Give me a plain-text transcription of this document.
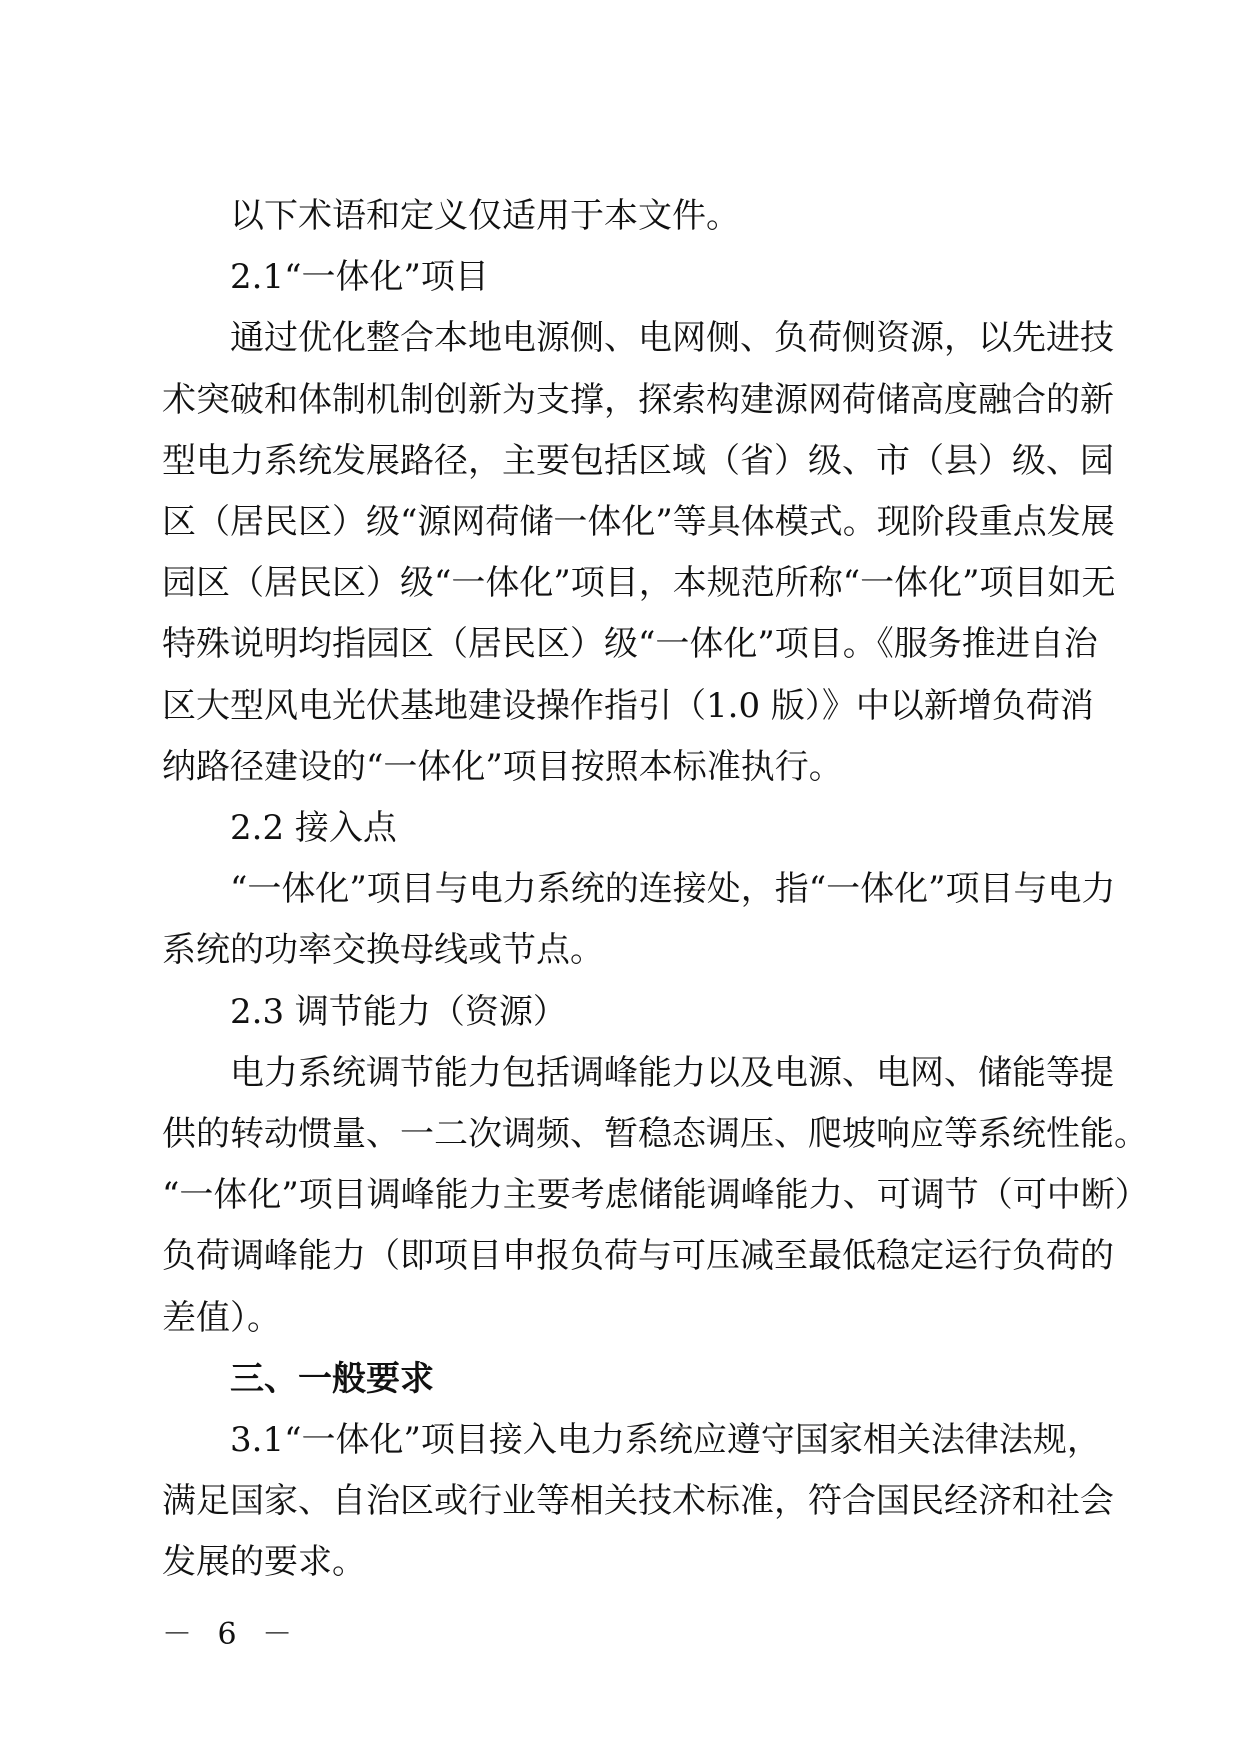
以下术语和定义仅适用于本文件。

2.1“一体化”项目

通过优化整合本地电源侧、电网侧、负荷侧资源，以先进技

术突破和体制机制创新为支撑，探索构建源网荷储高度融合的新

型电力系统发展路径，主要包括区域（省）级、市（县）级、园

区（居民区）级“源网荷储一体化”等具体模式。现阶段重点发展

园区（居民区）级“一体化”项目，本规范所称“一体化”项目如无

特殊说明均指园区（居民区）级“一体化”项目。《服务推进自治

区大型风电光伏基地建设操作指引（1.0 版）》中以新增负荷消

纳路径建设的“一体化”项目按照本标准执行。

2.2 接入点

“一体化”项目与电力系统的连接处，指“一体化”项目与电力

系统的功率交换母线或节点。

2.3 调节能力（资源）

电力系统调节能力包括调峰能力以及电源、电网、储能等提

供的转动惯量、一二次调频、暂稳态调压、爬坡响应等系统性能。

“一体化”项目调峰能力主要考虑储能调峰能力、可调节（可中断）

负荷调峰能力（即项目申报负荷与可压减至最低稳定运行负荷的

差值）。

三、一般要求

3.1“一体化”项目接入电力系统应遵守国家相关法律法规，

满足国家、自治区或行业等相关技术标准，符合国民经济和社会

发展的要求。

－ 6 －
